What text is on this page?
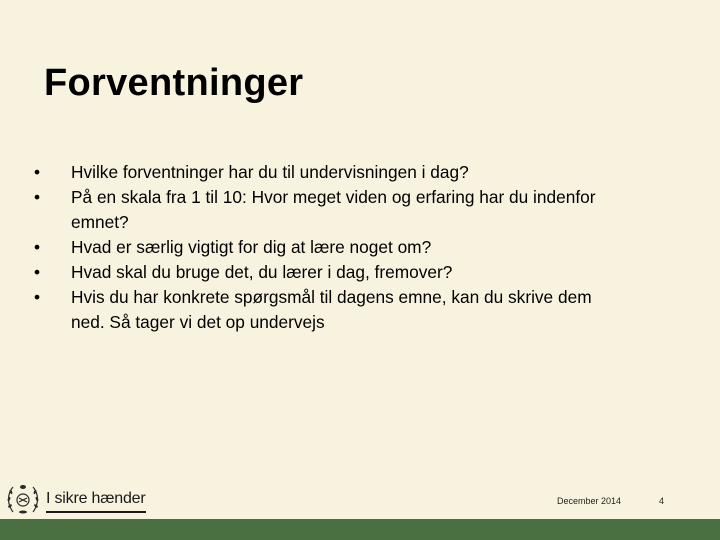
Forventninger
• Hvilke forventninger har du til undervisningen i dag?
• På en skala fra 1 til 10: Hvor meget viden og erfaring har du indenfor
emnet?
• Hvad er særlig vigtigt for dig at lære noget om?
• Hvad skal du bruge det, du lærer i dag, fremover?
• Hvis du har konkrete spørgsmål til dagens emne, kan du skrive dem
ned. Så tager vi det op undervejs
I sikre hænder	December 2014	4
